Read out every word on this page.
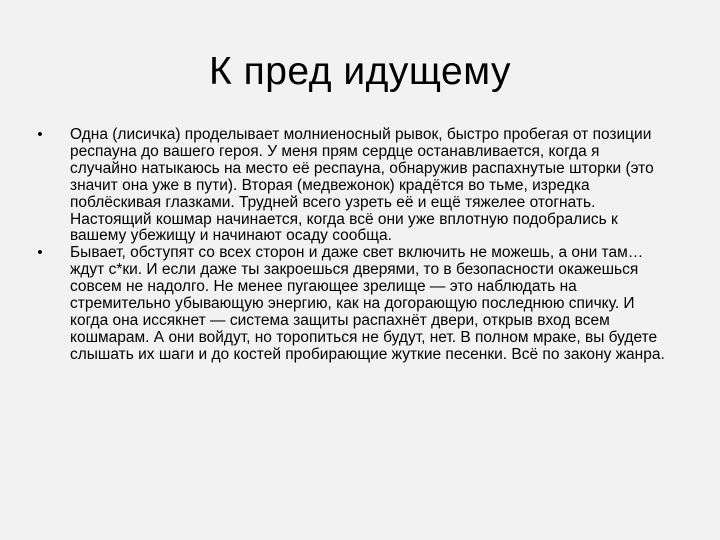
К пред идущему
• Одна (лисичка) проделывает молниеносный рывок, быстро пробегая от позиции респауна до вашего героя. У меня прям сердце останавливается, когда я случайно натыкаюсь на место её респауна, обнаружив распахнутые шторки (это значит она уже в пути). Вторая (медвежонок) крадётся во тьме, изредка поблёскивая глазками. Трудней всего узреть её и ещё тяжелее отогнать. Настоящий кошмар начинается, когда всё они уже вплотную подобрались к вашему убежищу и начинают осаду сообща.
• Бывает, обступят со всех сторон и даже свет включить не можешь, а они там… ждут с*ки. И если даже ты закроешься дверями, то в безопасности окажешься совсем не надолго. Не менее пугающее зрелище — это наблюдать на стремительно убывающую энергию, как на догорающую последнюю спичку. И когда она иссякнет — система защиты распахнёт двери, открыв вход всем кошмарам. А они войдут, но торопиться не будут, нет. В полном мраке, вы будете слышать их шаги и до костей пробирающие жуткие песенки. Всё по закону жанра.
